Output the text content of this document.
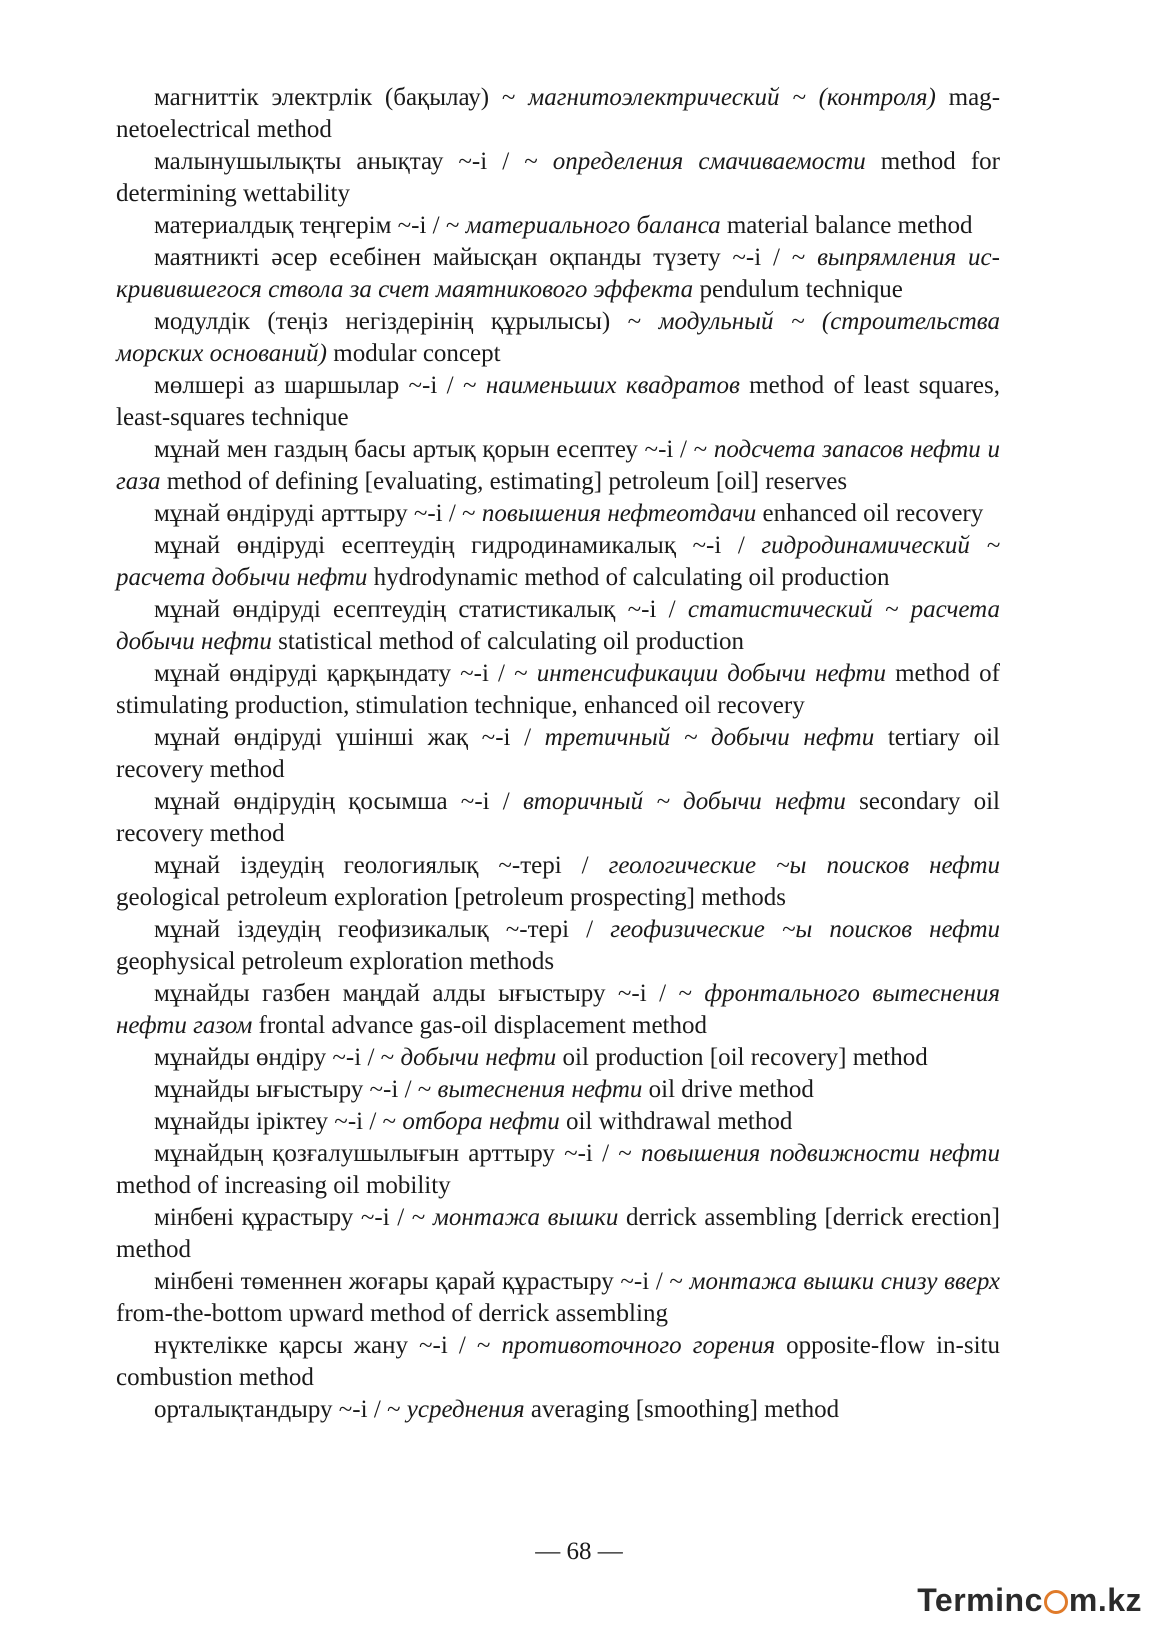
магниттік электрлік (бақылау) ~ магнитоэлектрический ~ (контроля) magnetoelectrical method

малынушылықты анықтау ~-і / ~ определения смачиваемости method for determining wettability

материалдық теңгерім ~-і / ~ материального баланса material balance method

маятникті әсер есебінен майысқан оқпанды түзету ~-і / ~ выпрямления искривившегося ствола за счет маятникового эффекта pendulum technique

модулдік (теңіз негіздерінің құрылысы) ~ модульный ~ (строительства морских оснований) modular concept

мөлшері аз шаршылар ~-і / ~ наименьших квадратов method of least squares, least-squares technique

мұнай мен газдың басы артық қорын есептеу ~-і / ~ подсчета запасов нефти и газа method of defining [evaluating, estimating] petroleum [oil] reserves

мұнай өндіруді арттыру ~-і / ~ повышения нефтеотдачи enhanced oil recovery

мұнай өндіруді есептеудің гидродинамикалық ~-і / гидродинамический ~ расчета добычи нефти hydrodynamic method of calculating oil production

мұнай өндіруді есептеудің статистикалық ~-і / статистический ~ расчета добычи нефти statistical method of calculating oil production

мұнай өндіруді қарқындату ~-і / ~ интенсификации добычи нефти method of stimulating production, stimulation technique, enhanced oil recovery

мұнай өндіруді үшінші жақ ~-і / третичный ~ добычи нефти tertiary oil recovery method

мұнай өндірудің қосымша ~-і / вторичный ~ добычи нефти secondary oil recovery method

мұнай іздеудің геологиялық ~-тері / геологические ~ы поисков нефти geological petroleum exploration [petroleum prospecting] methods

мұнай іздеудің геофизикалық ~-тері / геофизические ~ы поисков нефти geophysical petroleum exploration methods

мұнайды газбен маңдай алды ығыстыру ~-і / ~ фронтального вытеснения нефти газом frontal advance gas-oil displacement method

мұнайды өндіру ~-і / ~ добычи нефти oil production [oil recovery] method

мұнайды ығыстыру ~-і / ~ вытеснения нефти oil drive method

мұнайды іріктеу ~-і / ~ отбора нефти oil withdrawal method

мұнайдың қозғалушылығын арттыру ~-і / ~ повышения подвижности нефти method of increasing oil mobility

мінбені құрастыру ~-і / ~ монтажа вышки derrick assembling [derrick erection] method

мінбені төменнен жоғары қарай құрастыру ~-і / ~ монтажа вышки снизу вверх from-the-bottom upward method of derrick assembling

нүктелікке қарсы жану ~-і / ~ противоточного горения opposite-flow in-situ combustion method

орталықтандыру ~-і / ~ усреднения averaging [smoothing] method

— 68 —
Terminc m.kz
